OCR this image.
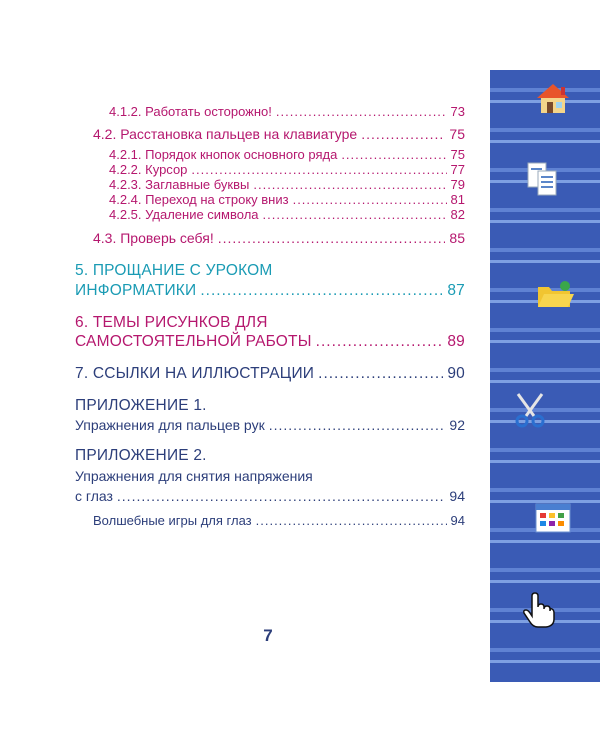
4.1.2. Работать осторожно! .....	73
4.2. Расстановка пальцев на клавиатуре .....	75
4.2.1. Порядок кнопок основного ряда .....	75
4.2.2. Курсор .....	77
4.2.3. Заглавные буквы .....	79
4.2.4. Переход на строку вниз .....	81
4.2.5. Удаление символа .....	82
4.3. Проверь себя! .....	85
5. ПРОЩАНИЕ С УРОКОМ
ИНФОРМАТИКИ .....	87
6. ТЕМЫ РИСУНКОВ ДЛЯ
САМОСТОЯТЕЛЬНОЙ РАБОТЫ .....	89
7. ССЫЛКИ НА ИЛЛЮСТРАЦИИ .....	90
ПРИЛОЖЕНИЕ 1.
Упражнения для пальцев рук .....	92
ПРИЛОЖЕНИЕ 2.
Упражнения для снятия напряжения
с глаз .....	94
Волшебные игры для глаз .....	94
7
